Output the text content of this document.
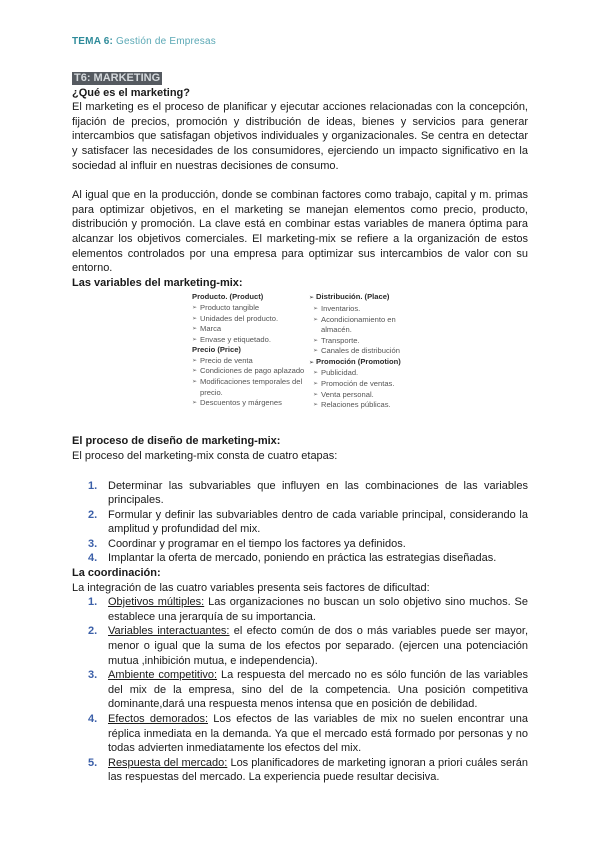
TEMA 6: Gestión de Empresas
T6: MARKETING
¿Qué es el marketing?

El marketing es el proceso de planificar y ejecutar acciones relacionadas con la concepción, fijación de precios, promoción y distribución de ideas, bienes y servicios para generar intercambios que satisfagan objetivos individuales y organizacionales. Se centra en detectar y satisfacer las necesidades de los consumidores, ejerciendo un impacto significativo en la sociedad al influir en nuestras decisiones de consumo.

Al igual que en la producción, donde se combinan factores como trabajo, capital y m. primas para optimizar objetivos, en el marketing se manejan elementos como precio, producto, distribución y promoción. La clave está en combinar estas variables de manera óptima para alcanzar los objetivos comerciales. El marketing-mix se refiere a la organización de estos elementos controlados por una empresa para optimizar sus intercambios de valor con su entorno.

Las variables del marketing-mix:
Producto. (Product)
➢ Producto tangible
➢ Unidades del producto.
➢ Marca
➢ Envase y etiquetado.
Precio (Price)
➢ Precio de venta
➢ Condiciones de pago aplazado
➢ Modificaciones temporales del precio.
➢ Descuentos y márgenes
➢ Distribución. (Place)
➢ Inventarios.
➢ Acondicionamiento en almacén.
➢ Transporte.
➢ Canales de distribución
➢ Promoción (Promotion)
➢ Publicidad.
➢ Promoción de ventas.
➢ Venta personal.
➢ Relaciones públicas.
El proceso de diseño de marketing-mix:

El proceso del marketing-mix consta de cuatro etapas:

1. Determinar las subvariables que influyen en las combinaciones de las variables principales.
2. Formular y definir las subvariables dentro de cada variable principal, considerando la amplitud y profundidad del mix.
3. Coordinar y programar en el tiempo los factores ya definidos.
4. Implantar la oferta de mercado, poniendo en práctica las estrategias diseñadas.
La coordinación:

La integración de las cuatro variables presenta seis factores de dificultad:

1. Objetivos múltiples: Las organizaciones no buscan un solo objetivo sino muchos. Se establece una jerarquía de su importancia.
2. Variables interactuantes: el efecto común de dos o más variables puede ser mayor, menor o igual que la suma de los efectos por separado. (ejercen una potenciación mutua ,inhibición mutua, e independencia).
3. Ambiente competitivo: La respuesta del mercado no es sólo función de las variables del mix de la empresa, sino del de la competencia. Una posición competitiva dominante,dará una respuesta menos intensa que en posición de debilidad.
4. Efectos demorados: Los efectos de las variables de mix no suelen encontrar una réplica inmediata en la demanda. Ya que el mercado está formado por personas y no todas advierten inmediatamente los efectos del mix.
5. Respuesta del mercado: Los planificadores de marketing ignoran a priori cuáles serán las respuestas del mercado. La experiencia puede resultar decisiva.
